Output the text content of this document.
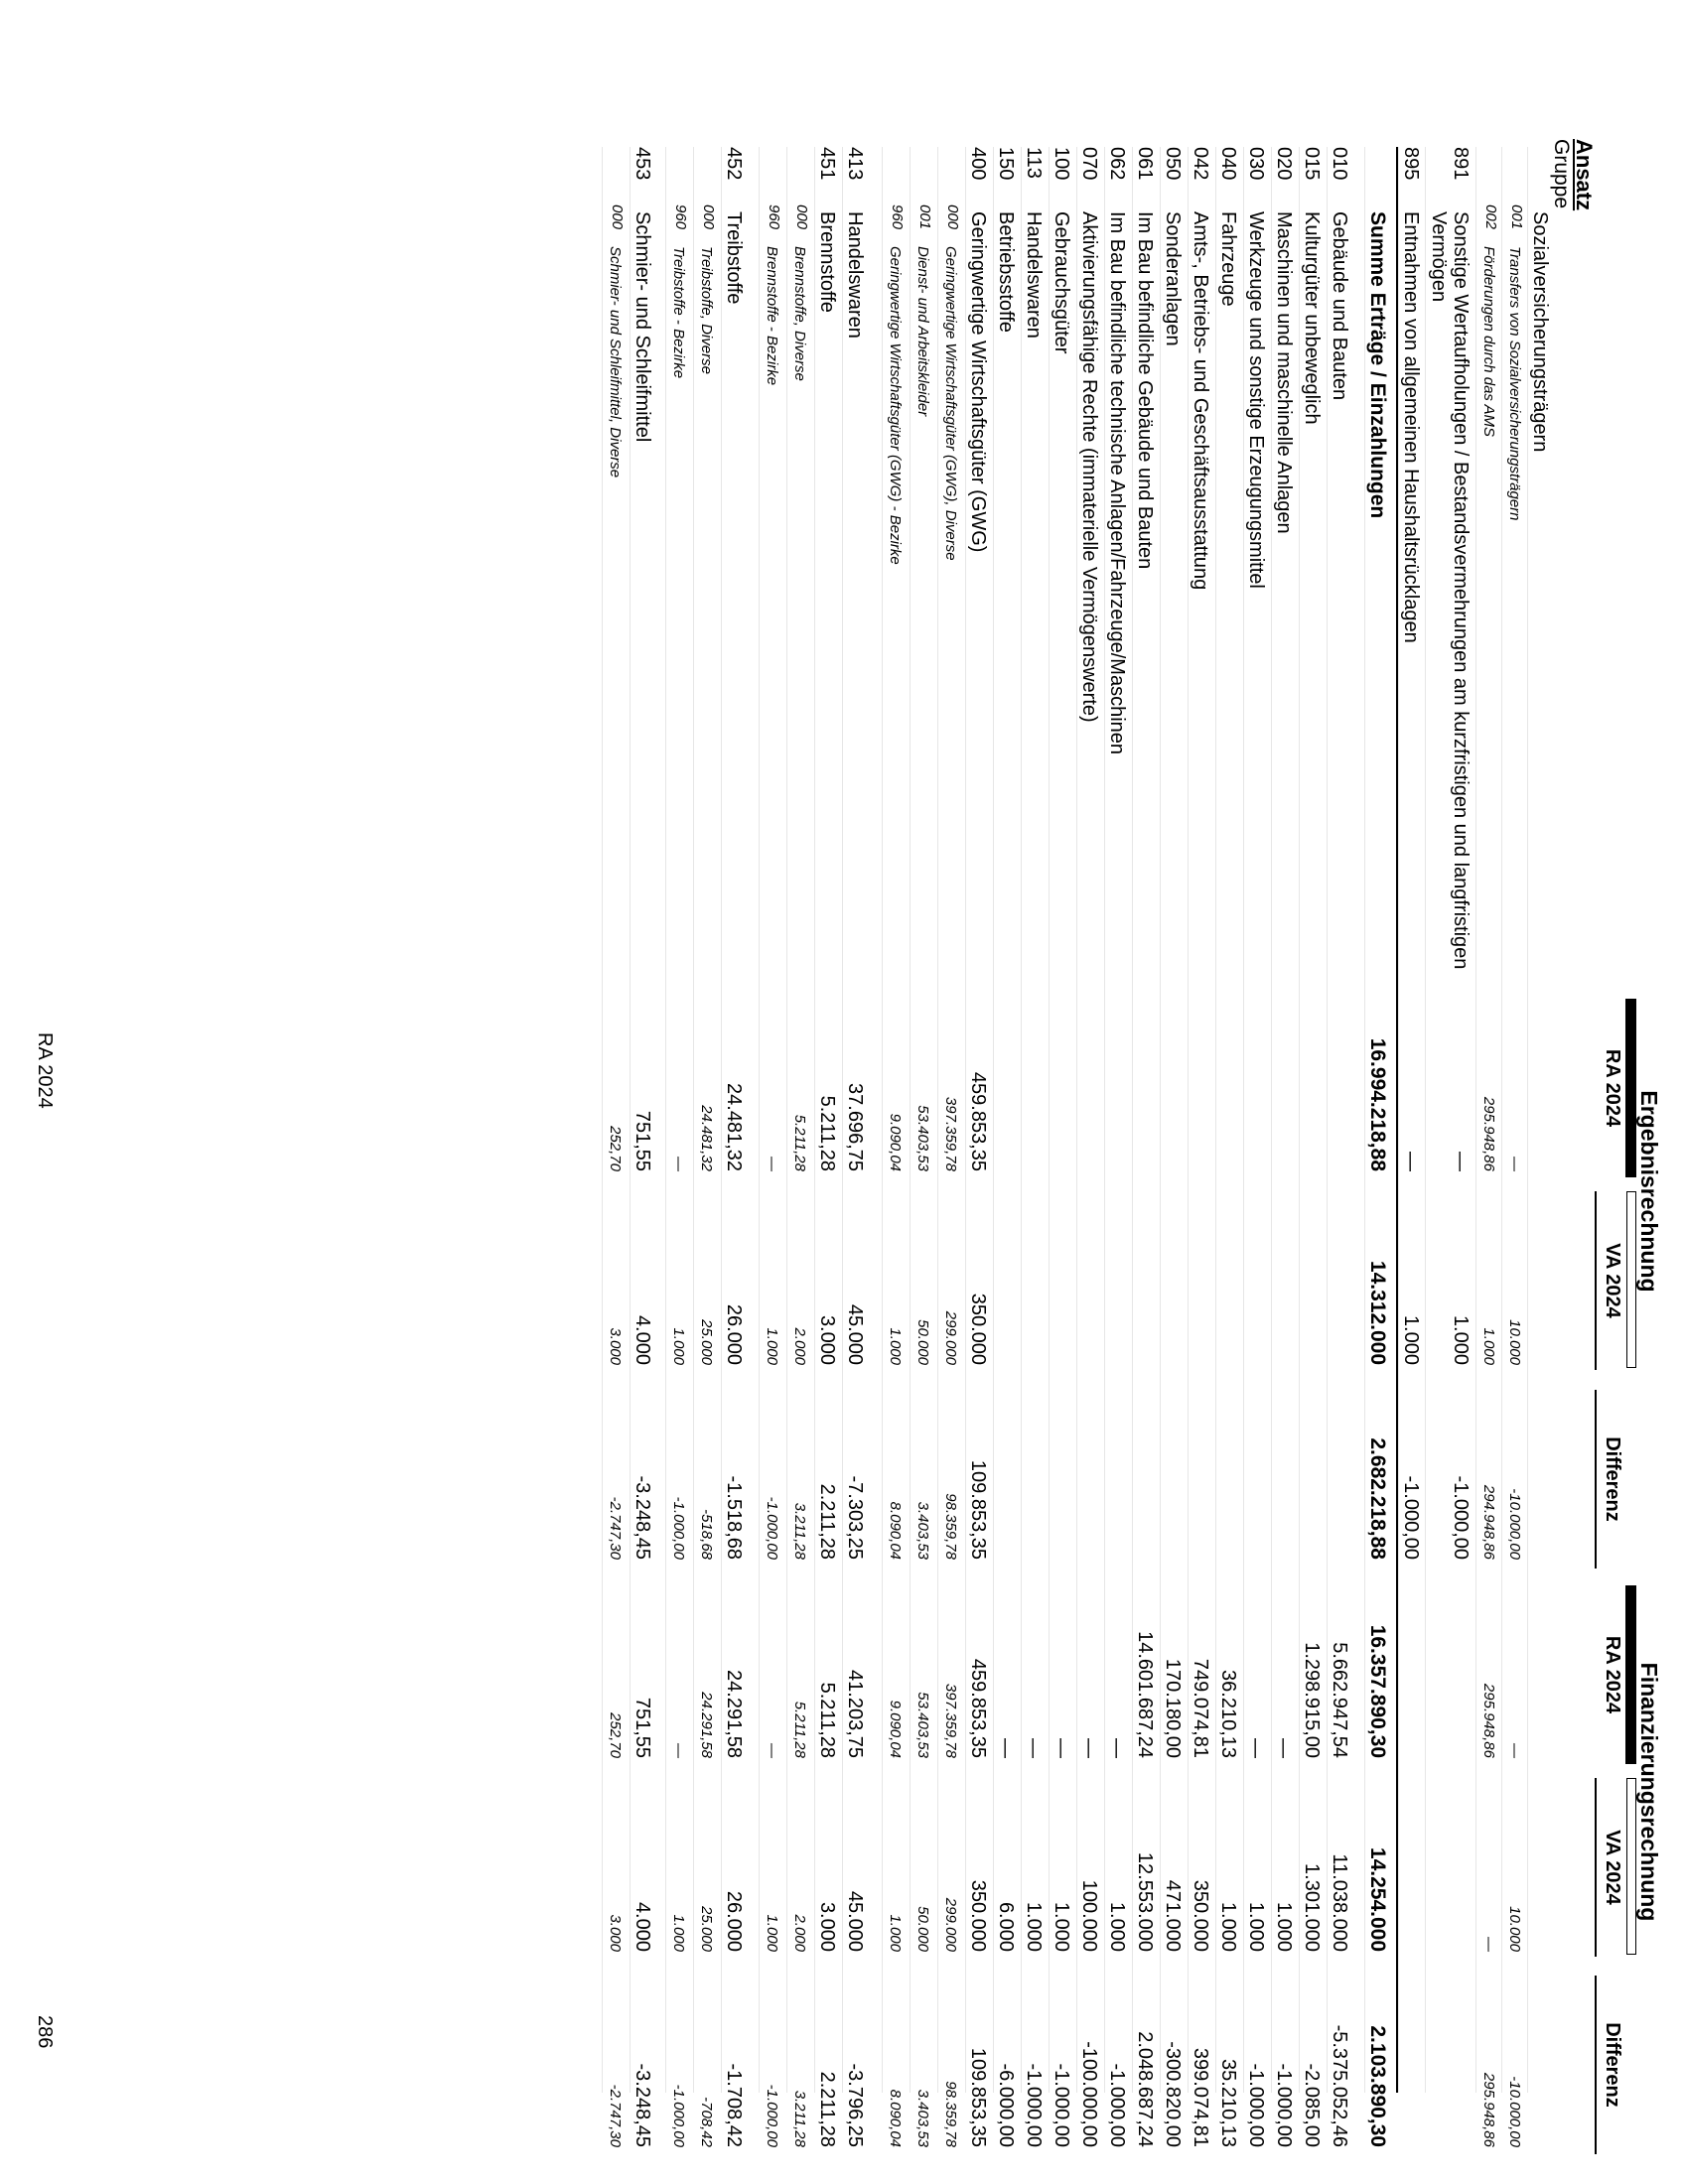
Ansatz
Gruppe
Ergebnisrechnung
Finanzierungsrechnung
RA 2024
VA 2024
Differenz
RA 2024
VA 2024
Differenz
Sozialversicherungsträgern
001
Transfers von Sozialversicherungsträgern
—
10.000
-10.000,00
—
10.000
-10.000,00
002
Förderungen durch das AMS
295.948,86
1.000
294.948,86
295.948,86
—
295.948,86
891
Sonstige Wertaufholungen / Bestandsvermehrungen am kurzfristigen und langfristigen Vermögen
—
1.000
-1.000,00
895
Entnahmen von allgemeinen Haushaltsrücklagen
—
1.000
-1.000,00
Summe Erträge / Einzahlungen
16.994.218,88
14.312.000
2.682.218,88
16.357.890,30
14.254.000
2.103.890,30
010
Gebäude und Bauten
5.662.947,54
11.038.000
-5.375.052,46
015
Kulturgüter unbeweglich
1.298.915,00
1.301.000
-2.085,00
020
Maschinen und maschinelle Anlagen
—
1.000
-1.000,00
030
Werkzeuge und sonstige Erzeugungsmittel
—
1.000
-1.000,00
040
Fahrzeuge
36.210,13
1.000
35.210,13
042
Amts-, Betriebs- und Geschäftsausstattung
749.074,81
350.000
399.074,81
050
Sonderanlagen
170.180,00
471.000
-300.820,00
061
Im Bau befindliche Gebäude und Bauten
14.601.687,24
12.553.000
2.048.687,24
062
Im Bau befindliche technische Anlagen/Fahrzeuge/Maschinen
—
1.000
-1.000,00
070
Aktivierungsfähige Rechte (immaterielle Vermögenswerte)
—
100.000
-100.000,00
100
Gebrauchsgüter
—
1.000
-1.000,00
113
Handelswaren
—
1.000
-1.000,00
150
Betriebsstoffe
—
6.000
-6.000,00
400
Geringwertige Wirtschaftsgüter (GWG)
459.853,35
350.000
109.853,35
459.853,35
350.000
109.853,35
000
Geringwertige Wirtschaftsgüter (GWG), Diverse
397.359,78
299.000
98.359,78
397.359,78
299.000
98.359,78
001
Dienst- und Arbeitskleider
53.403,53
50.000
3.403,53
53.403,53
50.000
3.403,53
960
Geringwertige Wirtschaftsgüter (GWG) - Bezirke
9.090,04
1.000
8.090,04
9.090,04
1.000
8.090,04
413
Handelswaren
37.696,75
45.000
-7.303,25
41.203,75
45.000
-3.796,25
451
Brennstoffe
5.211,28
3.000
2.211,28
5.211,28
3.000
2.211,28
000
Brennstoffe, Diverse
5.211,28
2.000
3.211,28
5.211,28
2.000
3.211,28
960
Brennstoffe - Bezirke
—
1.000
-1.000,00
—
1.000
-1.000,00
452
Treibstoffe
24.481,32
26.000
-1.518,68
24.291,58
26.000
-1.708,42
000
Treibstoffe, Diverse
24.481,32
25.000
-518,68
24.291,58
25.000
-708,42
960
Treibstoffe - Bezirke
—
1.000
-1.000,00
—
1.000
-1.000,00
453
Schmier- und Schleifmittel
751,55
4.000
-3.248,45
751,55
4.000
-3.248,45
000
Schmier- und Schleifmittel, Diverse
252,70
3.000
-2.747,30
252,70
3.000
-2.747,30
RA 2024
286
